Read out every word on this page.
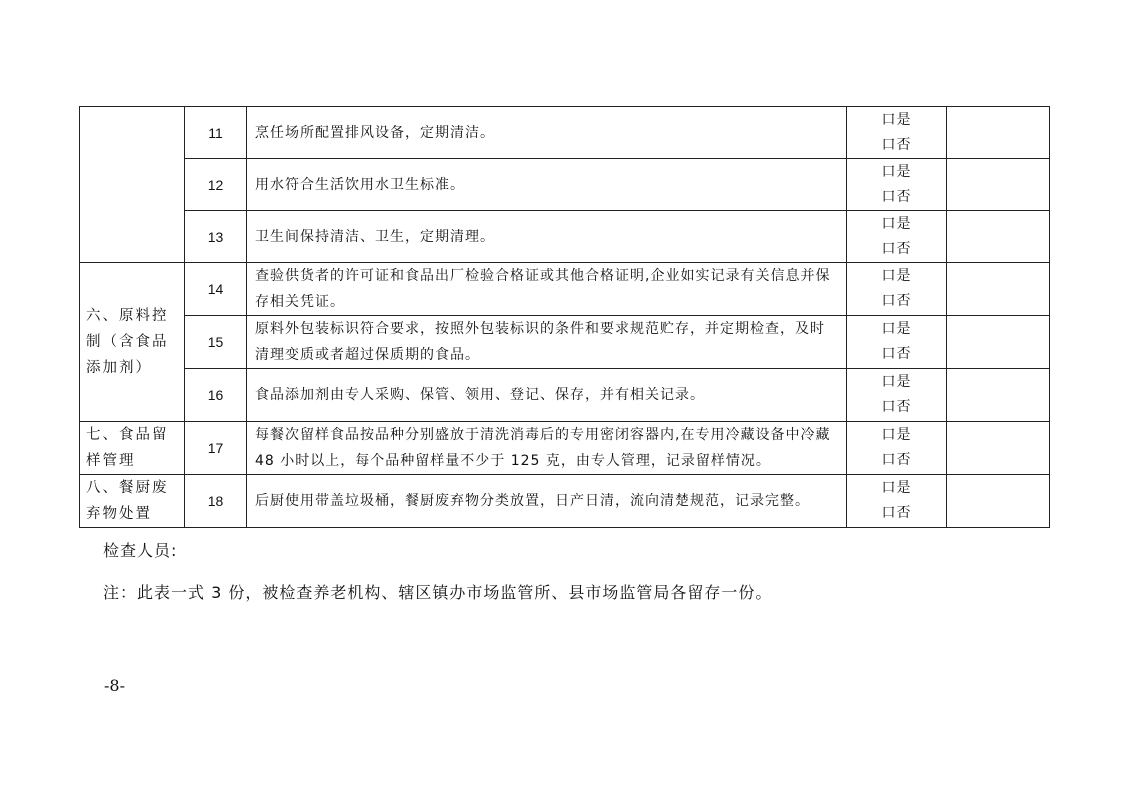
	11	烹任场所配置排风设备，定期清洁。	口是
口否	

	12	用水符合生活饮用水卫生标准。	口是
口否	

	13	卫生间保持清洁、卫生，定期清理。	口是
口否	

六、原料控制（含食品添加剂）	14	查验供货者的许可证和食品出厂检验合格证或其他合格证明,企业如实记录有关信息并保存相关凭证。	口是
口否	

	15	原料外包装标识符合要求，按照外包装标识的条件和要求规范贮存，并定期检查，及时清理变质或者超过保质期的食品。	口是
口否	

	16	食品添加剂由专人采购、保管、领用、登记、保存，并有相关记录。	口是
口否	

七、食品留样管理	17	每餐次留样食品按品种分别盛放于清洗消毒后的专用密闭容器内,在专用冷藏设备中冷藏 48 小时以上，每个品种留样量不少于 125 克，由专人管理，记录留样情况。	口是
口否	

八、餐厨废弃物处置	18	后厨使用带盖垃圾桶，餐厨废弃物分类放置，日产日清，流向清楚规范，记录完整。	口是
口否	

检查人员:
注：此表一式 3 份，被检查养老机构、辖区镇办市场监管所、县市场监管局各留存一份。
-8-
